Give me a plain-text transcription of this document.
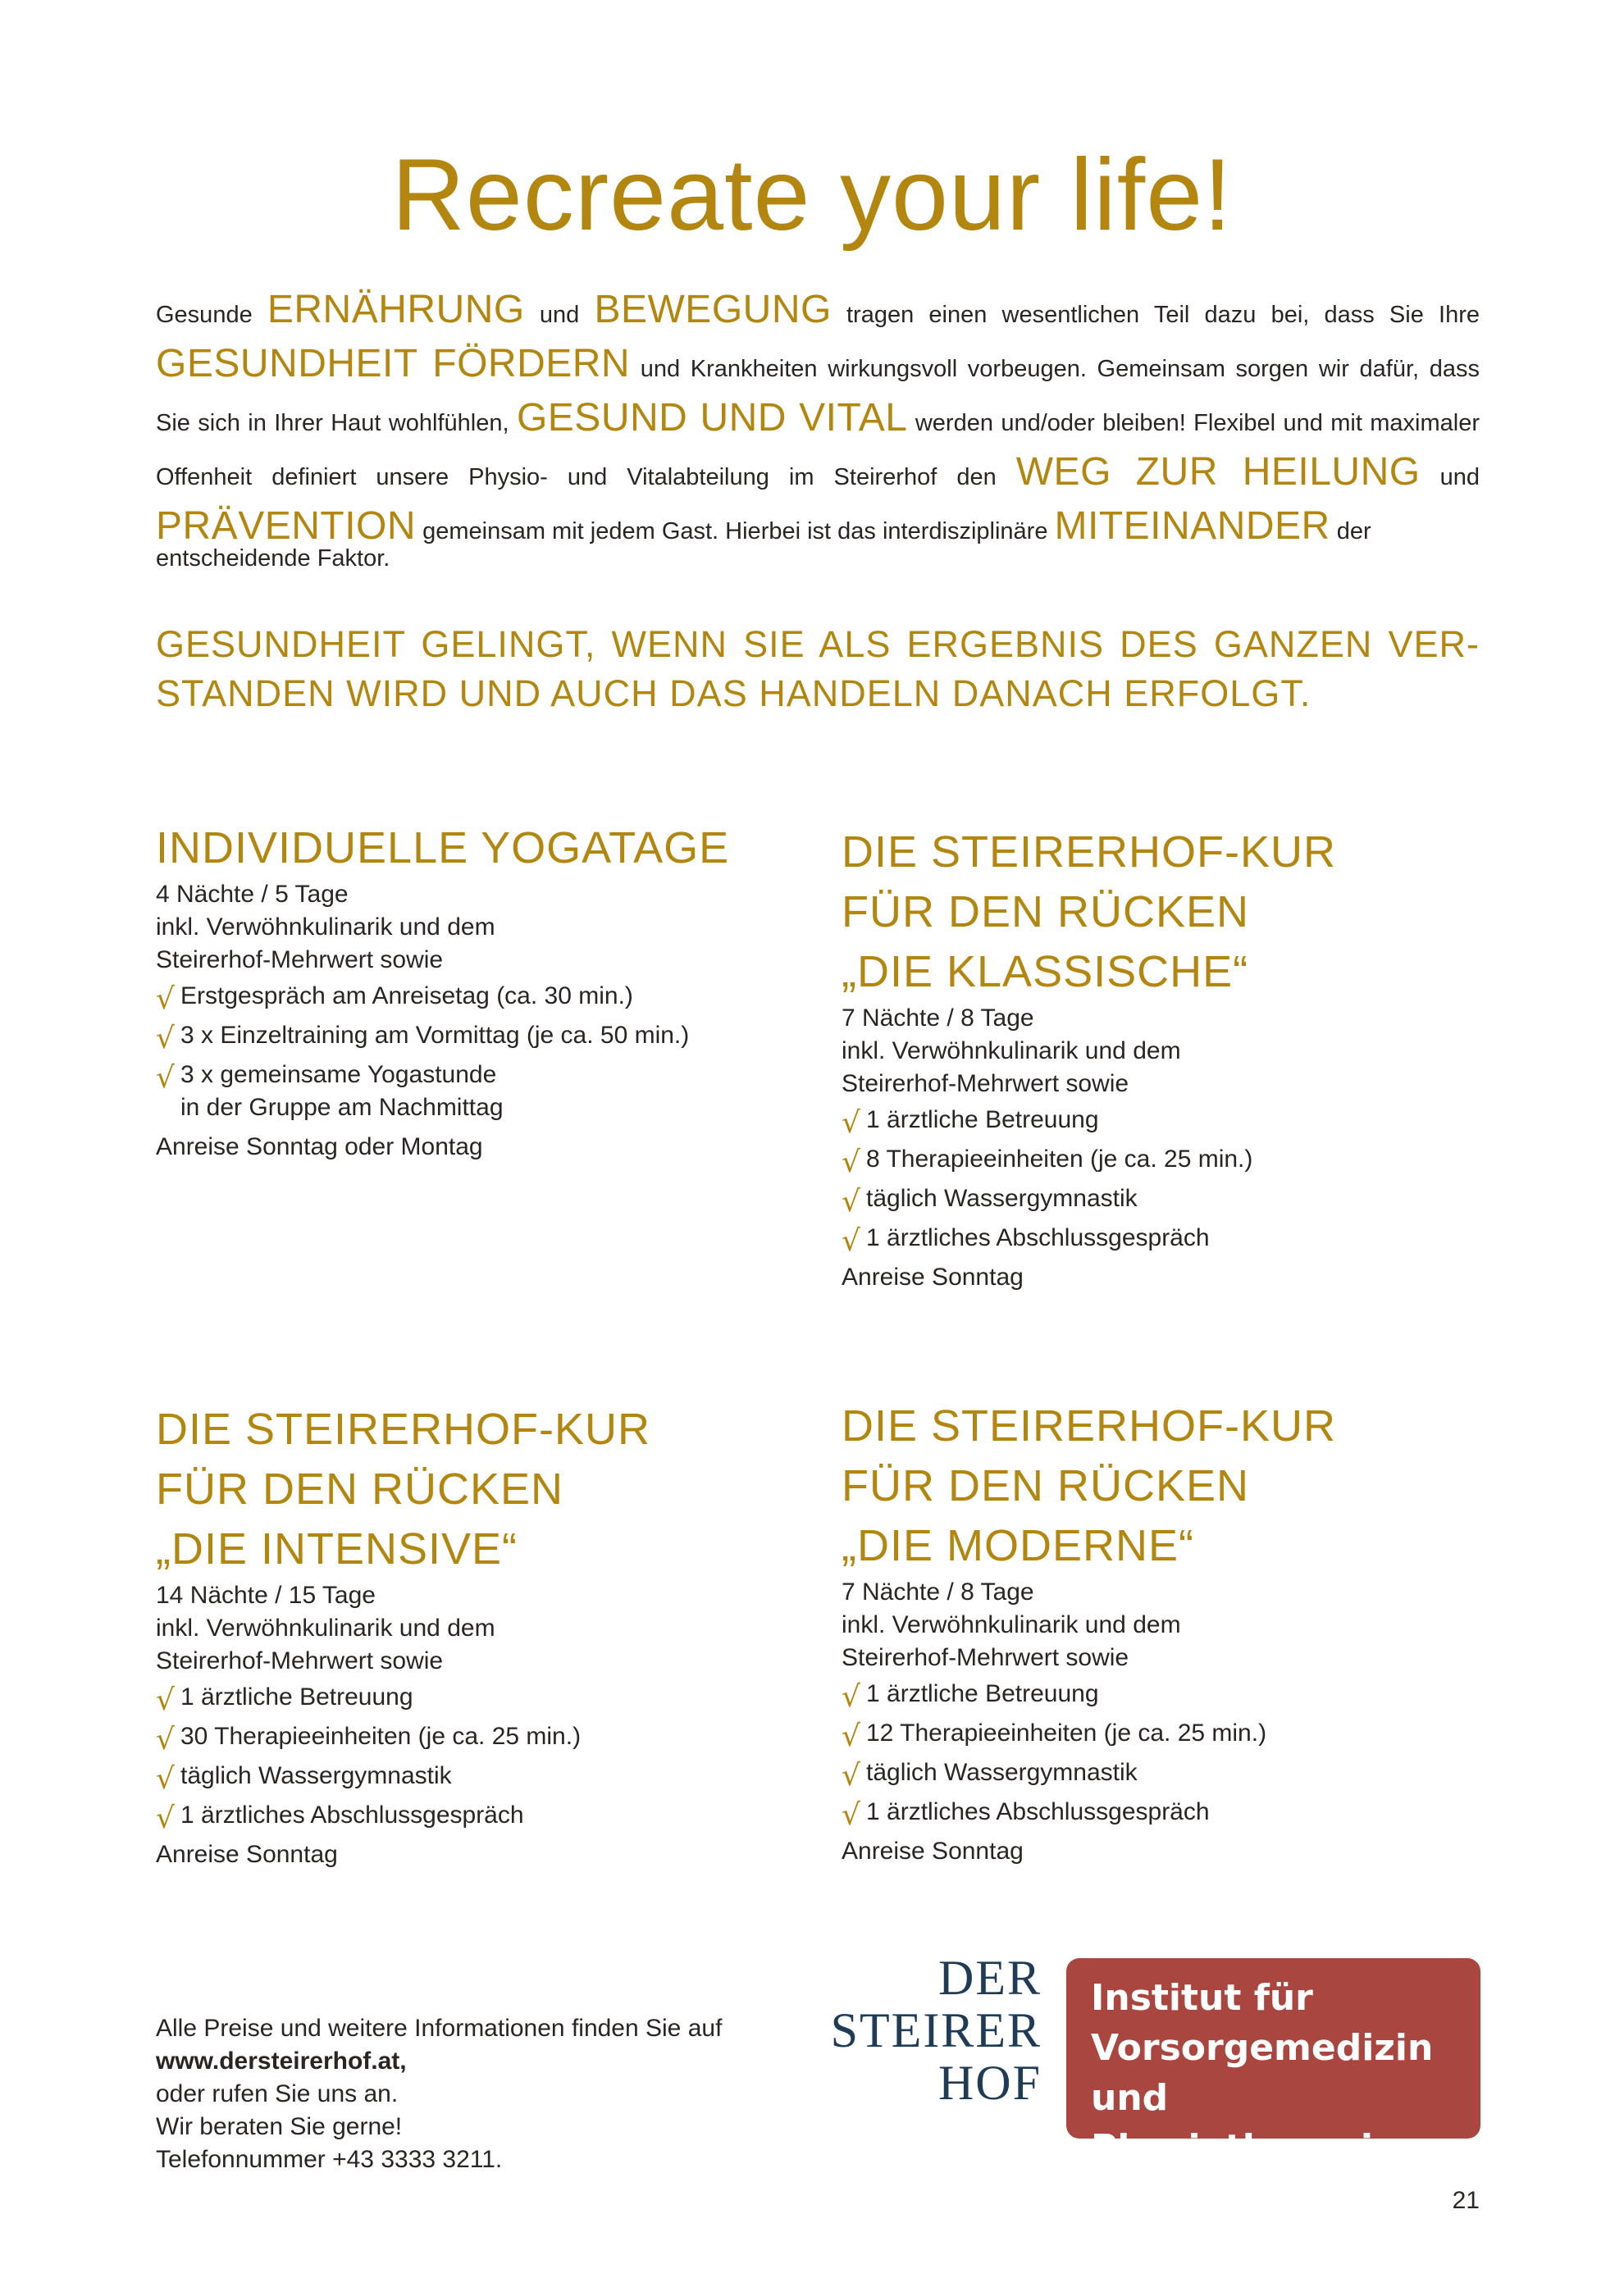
Recreate your life!

Gesunde ERNÄHRUNG und BEWEGUNG tragen einen wesentlichen Teil dazu bei, dass Sie Ihre GESUNDHEIT FÖRDERN und Krankheiten wirkungsvoll vorbeugen. Gemeinsam sorgen wir dafür, dass Sie sich in Ihrer Haut wohlfühlen, GESUND UND VITAL werden und/oder bleiben! Flexibel und mit maximaler Offenheit definiert unsere Physio- und Vitalabteilung im Steirerhof den WEG ZUR HEILUNG und PRÄVENTION gemeinsam mit jedem Gast. Hierbei ist das interdisziplinäre MITEINANDER der
entscheidende Faktor.

GESUNDHEIT GELINGT, WENN SIE ALS ERGEBNIS DES GANZEN VER-
STANDEN WIRD UND AUCH DAS HANDELN DANACH ERFOLGT.

INDIVIDUELLE YOGATAGE

4 Nächte / 5 Tage
inkl. Verwöhnkulinarik und dem
Steirerhof-Mehrwert sowie

√ Erstgespräch am Anreisetag (ca. 30 min.)
√ 3 x Einzeltraining am Vormittag (je ca. 50 min.)
√ 3 x gemeinsame Yogastunde
in der Gruppe am Nachmittag

Anreise Sonntag oder Montag

DIE STEIRERHOF-KUR
FÜR DEN RÜCKEN
„DIE KLASSISCHE“

7 Nächte / 8 Tage
inkl. Verwöhnkulinarik und dem
Steirerhof-Mehrwert sowie

√ 1 ärztliche Betreuung
√ 8 Therapieeinheiten (je ca. 25 min.)
√ täglich Wassergymnastik
√ 1 ärztliches Abschlussgespräch

Anreise Sonntag

DIE STEIRERHOF-KUR
FÜR DEN RÜCKEN
„DIE INTENSIVE“

14 Nächte / 15 Tage
inkl. Verwöhnkulinarik und dem
Steirerhof-Mehrwert sowie

√ 1 ärztliche Betreuung
√ 30 Therapieeinheiten (je ca. 25 min.)
√ täglich Wassergymnastik
√ 1 ärztliches Abschlussgespräch

Anreise Sonntag

DIE STEIRERHOF-KUR
FÜR DEN RÜCKEN
„DIE MODERNE“

7 Nächte / 8 Tage
inkl. Verwöhnkulinarik und dem
Steirerhof-Mehrwert sowie

√ 1 ärztliche Betreuung
√ 12 Therapieeinheiten (je ca. 25 min.)
√ täglich Wassergymnastik
√ 1 ärztliches Abschlussgespräch

Anreise Sonntag

Alle Preise und weitere Informationen finden Sie auf
www.dersteirerhof.at,
oder rufen Sie uns an.
Wir beraten Sie gerne!
Telefonnummer +43 3333 3211.

DER
STEIRER
HOF
Institut für
Vorsorgemedizin
und Physiotherapie
21
